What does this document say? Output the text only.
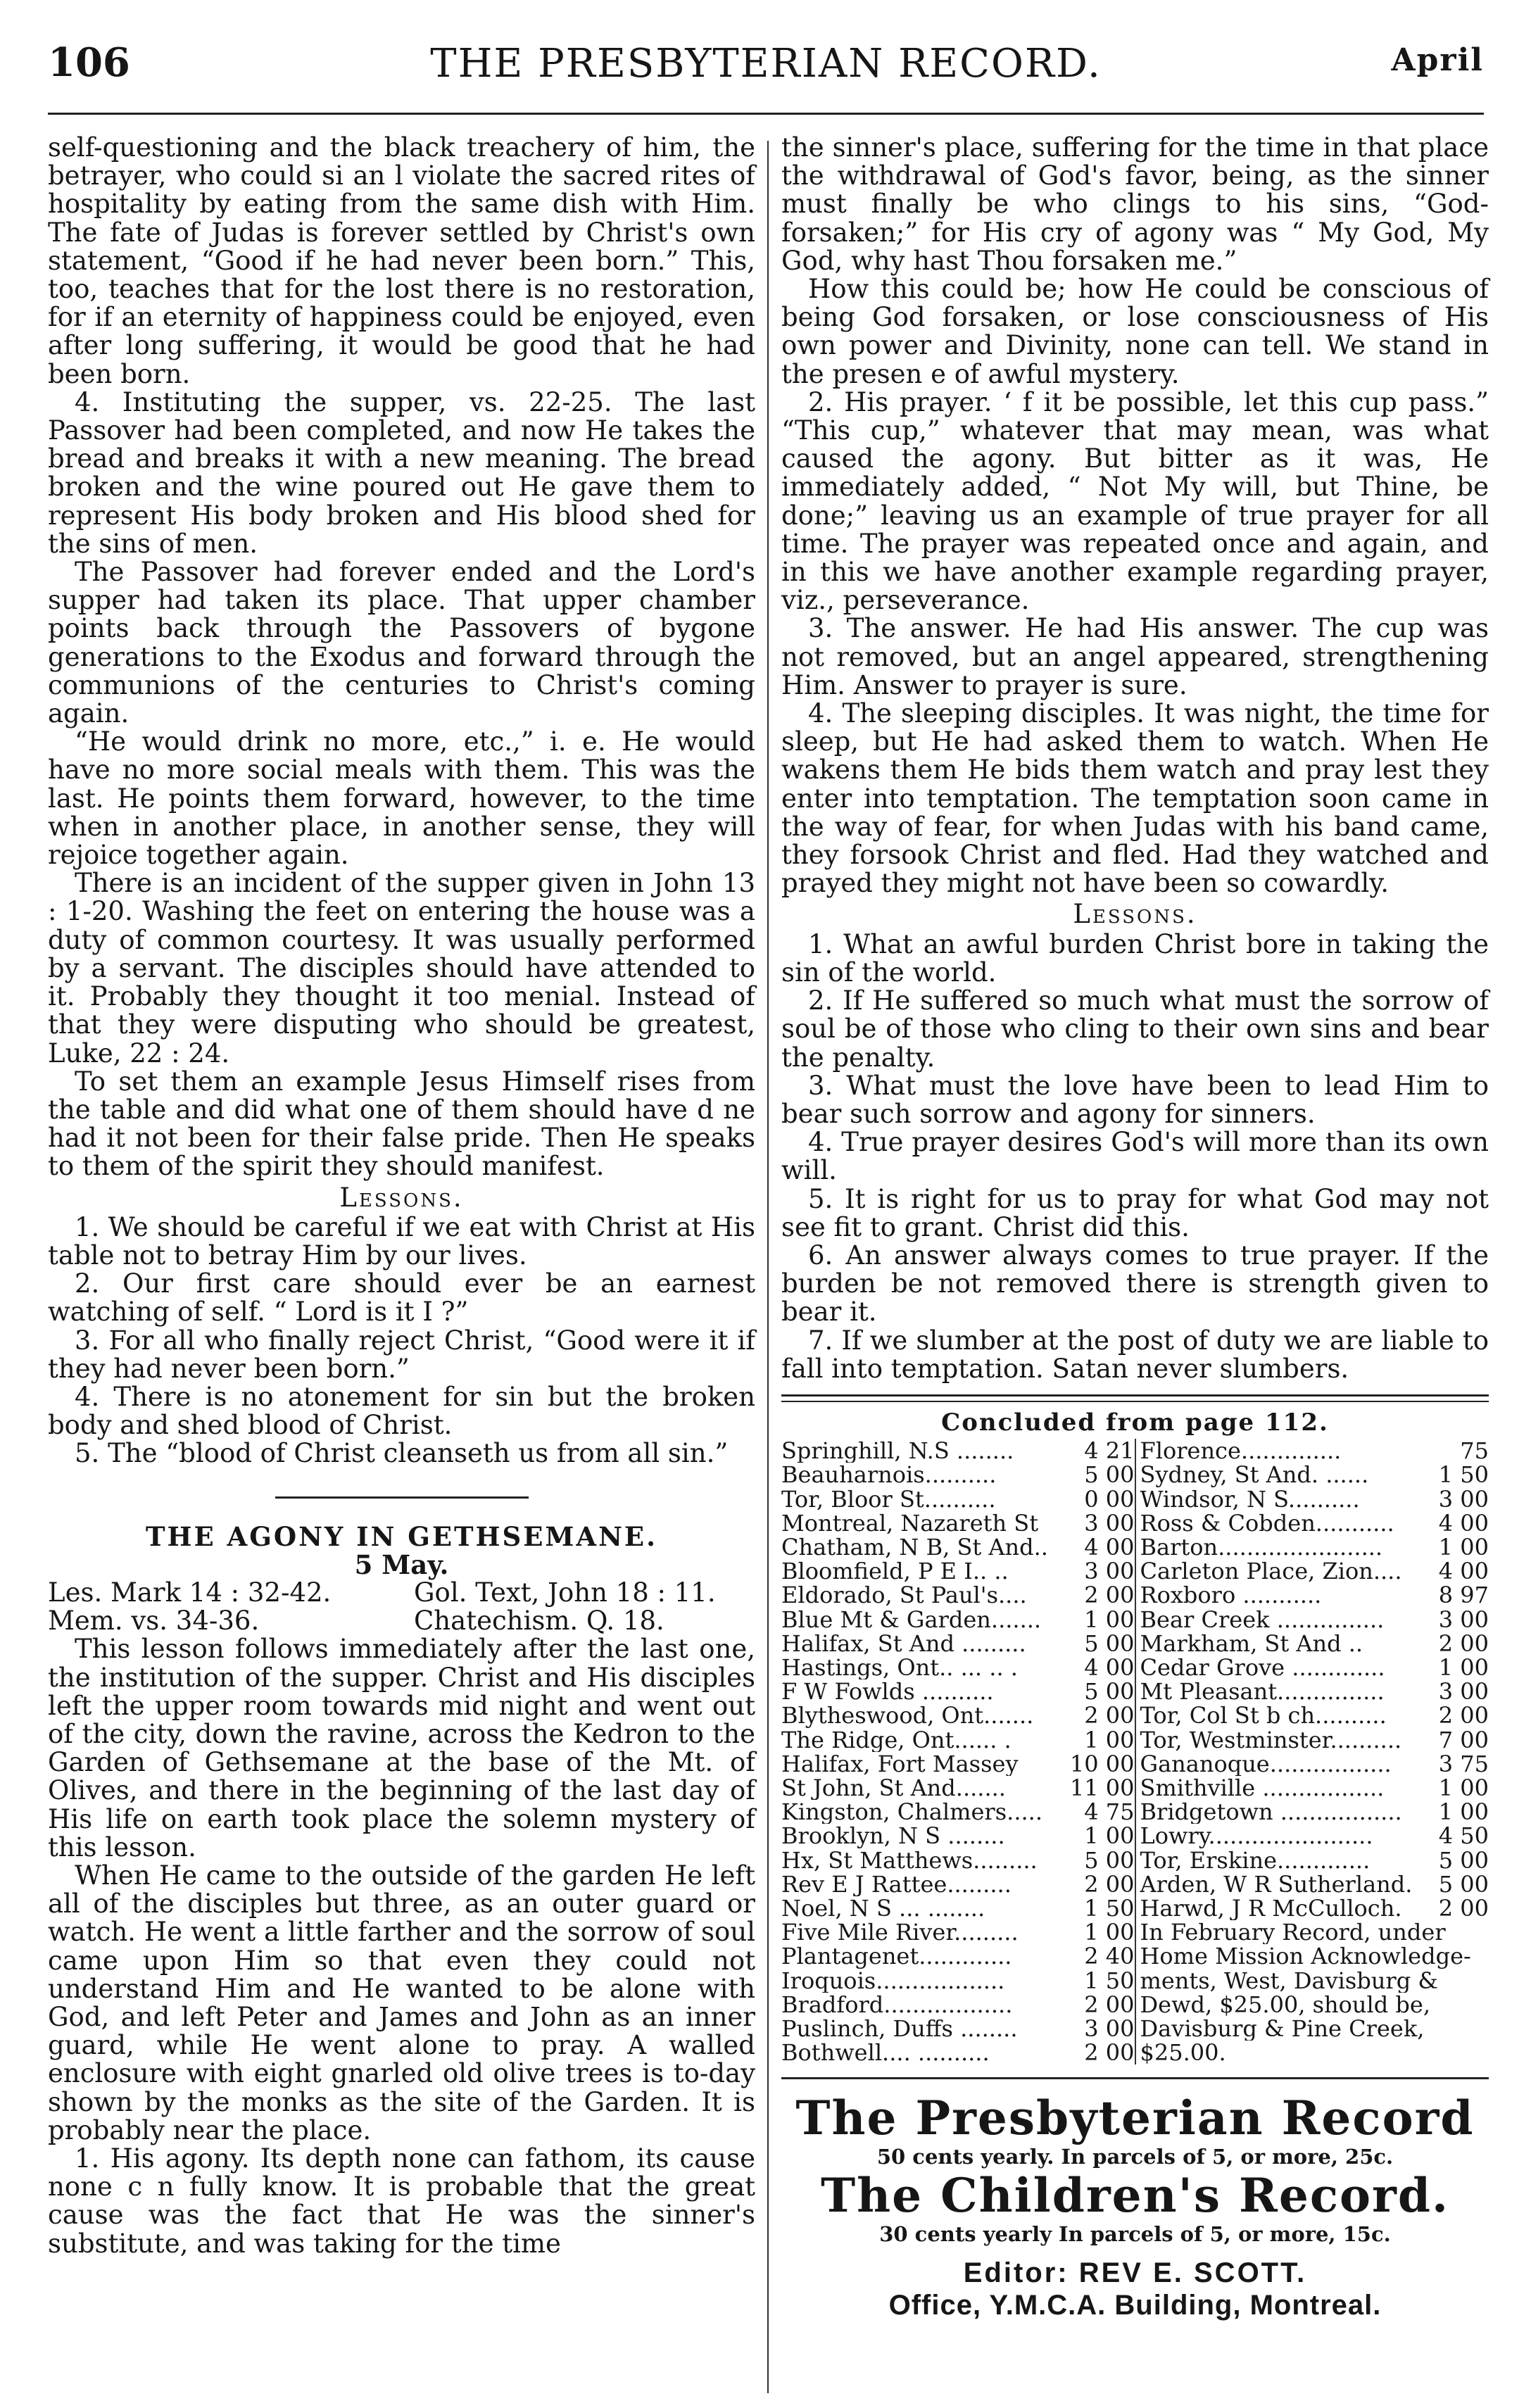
106	THE PRESBYTERIAN RECORD.	April

self-questioning and the black treachery of him, the betrayer, who could si an l violate the sacred rites of hospitality by eating from the same dish with Him. The fate of Judas is forever settled by Christ's own statement, “Good if he had never been born.” This, too, teaches that for the lost there is no restoration, for if an eternity of happiness could be enjoyed, even after long suffering, it would be good that he had been born.

4. Instituting the supper, vs. 22-25. The last Passover had been completed, and now He takes the bread and breaks it with a new meaning. The bread broken and the wine poured out He gave them to represent His body broken and His blood shed for the sins of men.

The Passover had forever ended and the Lord's supper had taken its place. That upper chamber points back through the Passovers of bygone generations to the Exodus and forward through the communions of the centuries to Christ's coming again.

“He would drink no more, etc.,” i. e. He would have no more social meals with them. This was the last. He points them forward, however, to the time when in another place, in another sense, they will rejoice together again.

There is an incident of the supper given in John 13 : 1-20. Washing the feet on entering the house was a duty of common courtesy. It was usually performed by a servant. The disciples should have attended to it. Probably they thought it too menial. Instead of that they were disputing who should be greatest, Luke, 22 : 24.

To set them an example Jesus Himself rises from the table and did what one of them should have d ne had it not been for their false pride. Then He speaks to them of the spirit they should manifest.

Lessons.

1. We should be careful if we eat with Christ at His table not to betray Him by our lives.

2. Our first care should ever be an earnest watching of self. “ Lord is it I ?”

3. For all who finally reject Christ, “Good were it if they had never been born.”

4. There is no atonement for sin but the broken body and shed blood of Christ.

5. The “blood of Christ cleanseth us from all sin.”

THE AGONY IN GETHSEMANE.

5 May.

Les. Mark 14 : 32-42.	Gol. Text, John 18 : 11.
Mem. vs. 34-36.	Chatechism. Q. 18.

This lesson follows immediately after the last one, the institution of the supper. Christ and His disciples left the upper room towards mid night and went out of the city, down the ravine, across the Kedron to the Garden of Gethsemane at the base of the Mt. of Olives, and there in the beginning of the last day of His life on earth took place the solemn mystery of this lesson.

When He came to the outside of the garden He left all of the disciples but three, as an outer guard or watch. He went a little farther and the sorrow of soul came upon Him so that even they could not understand Him and He wanted to be alone with God, and left Peter and James and John as an inner guard, while He went alone to pray. A walled enclosure with eight gnarled old olive trees is to-day shown by the monks as the site of the Garden. It is probably near the place.

1. His agony. Its depth none can fathom, its cause none c n fully know. It is probable that the great cause was the fact that He was the sinner's substitute, and was taking for the time

the sinner's place, suffering for the time in that place the withdrawal of God's favor, being, as the sinner must finally be who clings to his sins, “God-forsaken;” for His cry of agony was “ My God, My God, why hast Thou forsaken me.”

How this could be; how He could be conscious of being God forsaken, or lose consciousness of His own power and Divinity, none can tell. We stand in the presen e of awful mystery.

2. His prayer. ‘ f it be possible, let this cup pass.” “This cup,” whatever that may mean, was what caused the agony. But bitter as it was, He immediately added, “ Not My will, but Thine, be done;” leaving us an example of true prayer for all time. The prayer was repeated once and again, and in this we have another example regarding prayer, viz., perseverance.

3. The answer. He had His answer. The cup was not removed, but an angel appeared, strengthening Him. Answer to prayer is sure.

4. The sleeping disciples. It was night, the time for sleep, but He had asked them to watch. When He wakens them He bids them watch and pray lest they enter into temptation. The temptation soon came in the way of fear, for when Judas with his band came, they forsook Christ and fled. Had they watched and prayed they might not have been so cowardly.

Lessons.

1. What an awful burden Christ bore in taking the sin of the world.

2. If He suffered so much what must the sorrow of soul be of those who cling to their own sins and bear the penalty.

3. What must the love have been to lead Him to bear such sorrow and agony for sinners.

4. True prayer desires God's will more than its own will.

5. It is right for us to pray for what God may not see fit to grant. Christ did this.

6. An answer always comes to true prayer. If the burden be not removed there is strength given to bear it.

7. If we slumber at the post of duty we are liable to fall into temptation. Satan never slumbers.

Concluded from page 112.
Springhill, N.S ........	4 21
Beauharnois..........	5 00
Tor, Bloor St..........	0 00
Montreal, Nazareth St 3 00
Chatham, N B, St And.. 4 00
Bloomfield, P E I.. ..	3 00
Eldorado, St Paul's....	2 00
Blue Mt & Garden....... 1 00
Halifax, St And .........	5 00
Hastings, Ont.. ... .. .	4 00
F W Fowlds ..........	5 00
Blytheswood, Ont....... 2 00
The Ridge, Ont...... .	1 00
Halifax, Fort Massey 10 00
St John, St And.......	11 00
Kingston, Chalmers..... 4 75
Brooklyn, N S ........	1 00
Hx, St Matthews......... 5 00
Rev E J Rattee.........	2 00
Noel, N S ... ........	1 50
Five Mile River.........	1 00
Plantagenet.............	2 40
Iroquois..................	1 50
Bradford..................	2 00
Puslinch, Duffs ........	3 00
Bothwell.... ..........	2 00
Florence..............	75
Sydney, St And. ......	1 50
Windsor, N S..........	3 00
Ross & Cobden........... 4 00
Barton....................... 1 00
Carleton Place, Zion.... 4 00
Roxboro ...........	8 97
Bear Creek ............... 3 00
Markham, St And ..	2 00
Cedar Grove ............. 1 00
Mt Pleasant............... 3 00
Tor, Col St b ch.......... 2 00
Tor, Westminster.......... 7 00
Gananoque................. 3 75
Smithville ................. 1 00
Bridgetown ................. 1 00
Lowry.......................	4 50
Tor, Erskine.............	5 00
Arden, W R Sutherland. 5 00
Harwd, J R McCulloch. 2 00
In February Record, under
Home Mission Acknowledge-
ments, West, Davisburg &
Dewd, $25.00, should be,
Davisburg & Pine Creek,
$25.00.
The Presbyterian Record
50 cents yearly. In parcels of 5, or more, 25c.
The Children's Record.
30 cents yearly In parcels of 5, or more, 15c.
Editor: REV E. SCOTT.
Office, Y.M.C.A. Building, Montreal.
